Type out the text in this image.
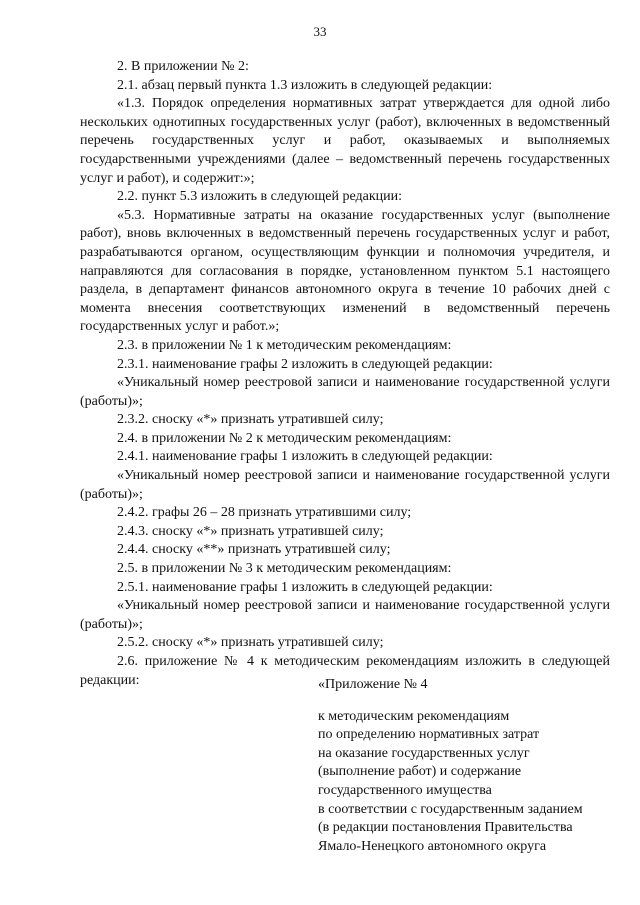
33

2. В приложении № 2:

2.1. абзац первый пункта 1.3 изложить в следующей редакции:

«1.3. Порядок определения нормативных затрат утверждается для одной либо нескольких однотипных государственных услуг (работ), включенных в ведомственный перечень государственных услуг и работ, оказываемых и выполняемых государственными учреждениями (далее – ведомственный перечень государственных услуг и работ), и содержит:»;

2.2. пункт 5.3 изложить в следующей редакции:

«5.3. Нормативные затраты на оказание государственных услуг (выполнение работ), вновь включенных в ведомственный перечень государственных услуг и работ, разрабатываются органом, осуществляющим функции и полномочия учредителя, и направляются для согласования в порядке, установленном пунктом 5.1 настоящего раздела, в департамент финансов автономного округа в течение 10 рабочих дней с момента внесения соответствующих изменений в ведомственный перечень государственных услуг и работ.»;

2.3. в приложении № 1 к методическим рекомендациям:

2.3.1. наименование графы 2 изложить в следующей редакции:

«Уникальный номер реестровой записи и наименование государственной услуги (работы)»;

2.3.2. сноску «*» признать утратившей силу;

2.4. в приложении № 2 к методическим рекомендациям:

2.4.1. наименование графы 1 изложить в следующей редакции:

«Уникальный номер реестровой записи и наименование государственной услуги (работы)»;

2.4.2. графы 26 – 28 признать утратившими силу;

2.4.3. сноску «*» признать утратившей силу;

2.4.4. сноску «**» признать утратившей силу;

2.5. в приложении № 3 к методическим рекомендациям:

2.5.1. наименование графы 1 изложить в следующей редакции:

«Уникальный номер реестровой записи и наименование государственной услуги (работы)»;

2.5.2. сноску «*» признать утратившей силу;

2.6. приложение № 4 к методическим рекомендациям изложить в следующей редакции:	«Приложение № 4

к методическим рекомендациям

по определению нормативных затрат

на оказание государственных услуг

(выполнение работ) и содержание

государственного имущества

в соответствии с государственным заданием

(в редакции постановления Правительства

Ямало-Ненецкого автономного округа
